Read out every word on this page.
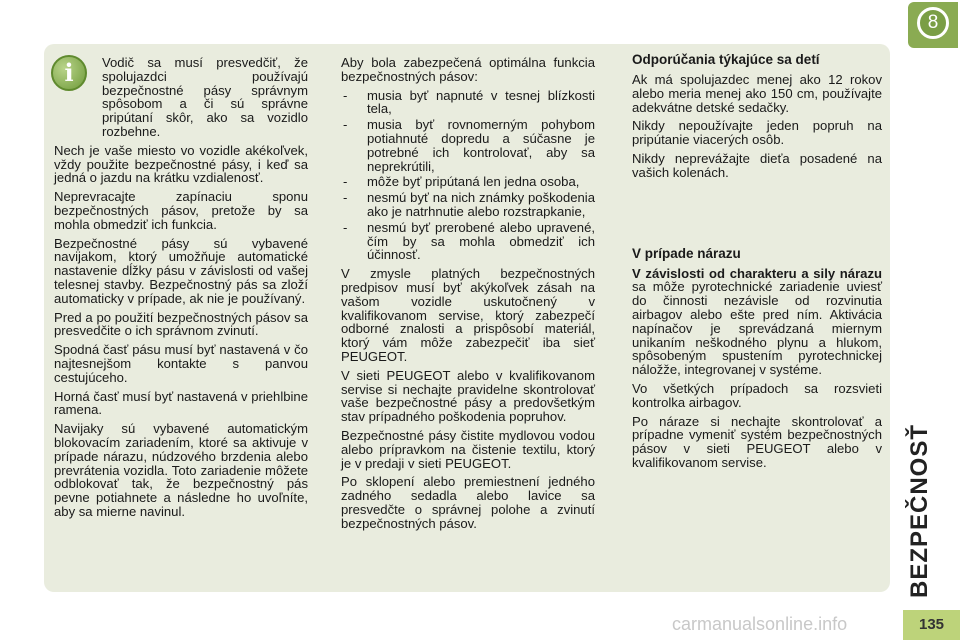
i	Vodič sa musí presvedčiť, že spolujazdci používajú bezpečnostné pásy správnym spôsobom a či sú správne pripútaní skôr, ako sa vozidlo rozbehne.

Nech je vaše miesto vo vozidle akékoľvek, vždy použite bezpečnostné pásy, i keď sa jedná o jazdu na krátku vzdialenosť.

Neprevracajte zapínaciu sponu bezpečnostných pásov, pretože by sa mohla obmedziť ich funkcia.

Bezpečnostné pásy sú vybavené navijakom, ktorý umožňuje automatické nastavenie dĺžky pásu v závislosti od vašej telesnej stavby. Bezpečnostný pás sa zloží automaticky v prípade, ak nie je používaný.

Pred a po použití bezpečnostných pásov sa presvedčite o ich správnom zvinutí.

Spodná časť pásu musí byť nastavená v čo najtesnejšom kontakte s panvou cestujúceho.

Horná časť musí byť nastavená v priehlbine ramena.

Navijaky sú vybavené automatickým blokovacím zariadením, ktoré sa aktivuje v prípade nárazu, núdzového brzdenia alebo prevrátenia vozidla. Toto zariadenie môžete odblokovať tak, že bezpečnostný pás pevne potiahnete a následne ho uvoľníte, aby sa mierne navinul.

Aby bola zabezpečená optimálna funkcia bezpečnostných pásov:

- musia byť napnuté v tesnej blízkosti tela,
- musia byť rovnomerným pohybom potiahnuté dopredu a súčasne je potrebné ich kontrolovať, aby sa neprekrútili,
- môže byť pripútaná len jedna osoba,
- nesmú byť na nich známky poškodenia ako je natrhnutie alebo rozstrapkanie,
- nesmú byť prerobené alebo upravené, čím by sa mohla obmedziť ich účinnosť.

V zmysle platných bezpečnostných predpisov musí byť akýkoľvek zásah na vašom vozidle uskutočnený v kvalifikovanom servise, ktorý zabezpečí odborné znalosti a prispôsobí materiál, ktorý vám môže zabezpečiť iba sieť PEUGEOT.

V sieti PEUGEOT alebo v kvalifikovanom servise si nechajte pravidelne skontrolovať vaše bezpečnostné pásy a predovšetkým stav prípadného poškodenia popruhov.

Bezpečnostné pásy čistite mydlovou vodou alebo prípravkom na čistenie textilu, ktorý je v predaji v sieti PEUGEOT.

Po sklopení alebo premiestnení jedného zadného sedadla alebo lavice sa presvedčte o správnej polohe a zvinutí bezpečnostných pásov.

Odporúčania týkajúce sa detí

Ak má spolujazdec menej ako 12 rokov alebo meria menej ako 150 cm, používajte adekvátne detské sedačky.

Nikdy nepoužívajte jeden popruh na pripútanie viacerých osôb.

Nikdy neprevážajte dieťa posadené na vašich kolenách.

V prípade nárazu

V závislosti od charakteru a sily nárazu sa môže pyrotechnické zariadenie uviesť do činnosti nezávisle od rozvinutia airbagov alebo ešte pred ním. Aktivácia napínačov je sprevádzaná miernym unikaním neškodného plynu a hlukom, spôsobeným spustením pyrotechnickej náložže, integrovanej v systéme.

Vo všetkých prípadoch sa rozsvieti kontrolka airbagov.

Po náraze si nechajte skontrolovať a prípadne vymeniť systém bezpečnostných pásov v sieti PEUGEOT alebo v kvalifikovanom servise.

8
BEZPEČNOSŤ
carmanualsonline.info	135
